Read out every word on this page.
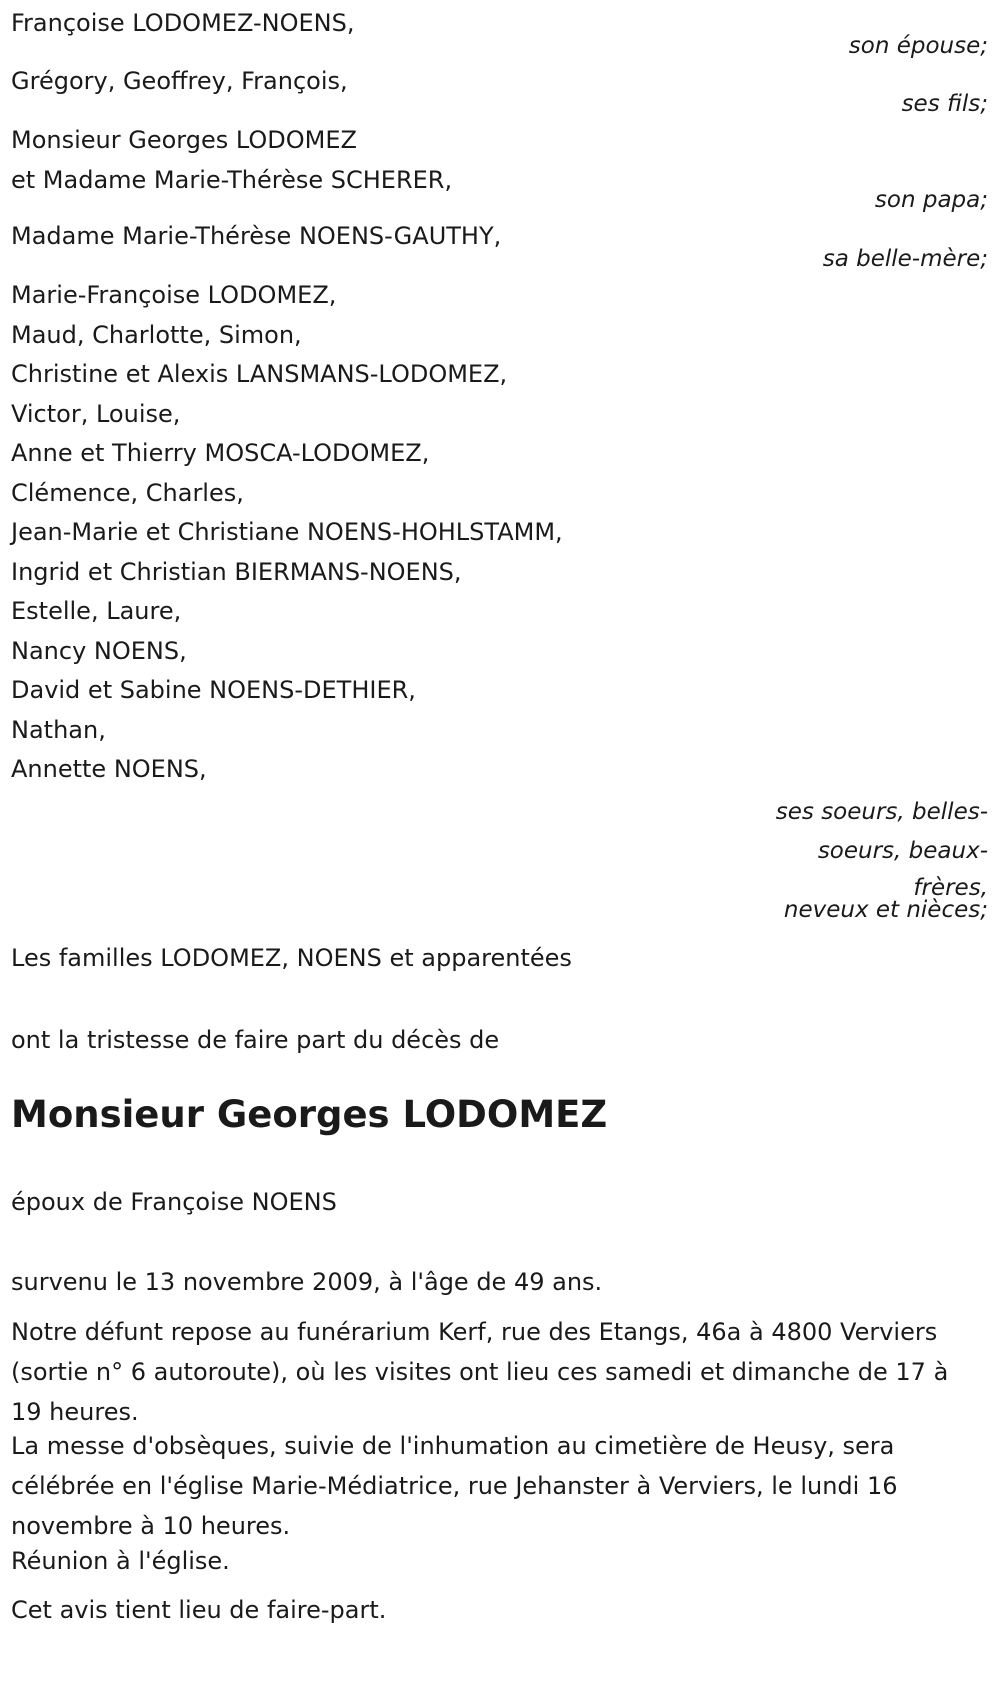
Françoise LODOMEZ-NOENS,
son épouse;
Grégory, Geoffrey, François,
ses fils;
Monsieur Georges LODOMEZ
et Madame Marie-Thérèse SCHERER,
son papa;
Madame Marie-Thérèse NOENS-GAUTHY,
sa belle-mère;
Marie-Françoise LODOMEZ,
Maud, Charlotte, Simon,
Christine et Alexis LANSMANS-LODOMEZ,
Victor, Louise,
Anne et Thierry MOSCA-LODOMEZ,
Clémence, Charles,
Jean-Marie et Christiane NOENS-HOHLSTAMM,
Ingrid et Christian BIERMANS-NOENS,
Estelle, Laure,
Nancy NOENS,
David et Sabine NOENS-DETHIER,
Nathan,
Annette NOENS,
ses soeurs, belles-
soeurs, beaux-
frères,
neveux et nièces;
Les familles LODOMEZ, NOENS et apparentées
ont la tristesse de faire part du décès de
Monsieur Georges LODOMEZ
époux de Françoise NOENS
survenu le 13 novembre 2009, à l'âge de 49 ans.
Notre défunt repose au funérarium Kerf, rue des Etangs, 46a à 4800 Verviers (sortie n° 6 autoroute), où les visites ont lieu ces samedi et dimanche de 17 à 19 heures.
La messe d'obsèques, suivie de l'inhumation au cimetière de Heusy, sera célébrée en l'église Marie-Médiatrice, rue Jehanster à Verviers, le lundi 16 novembre à 10 heures.
Réunion à l'église.
Cet avis tient lieu de faire-part.
